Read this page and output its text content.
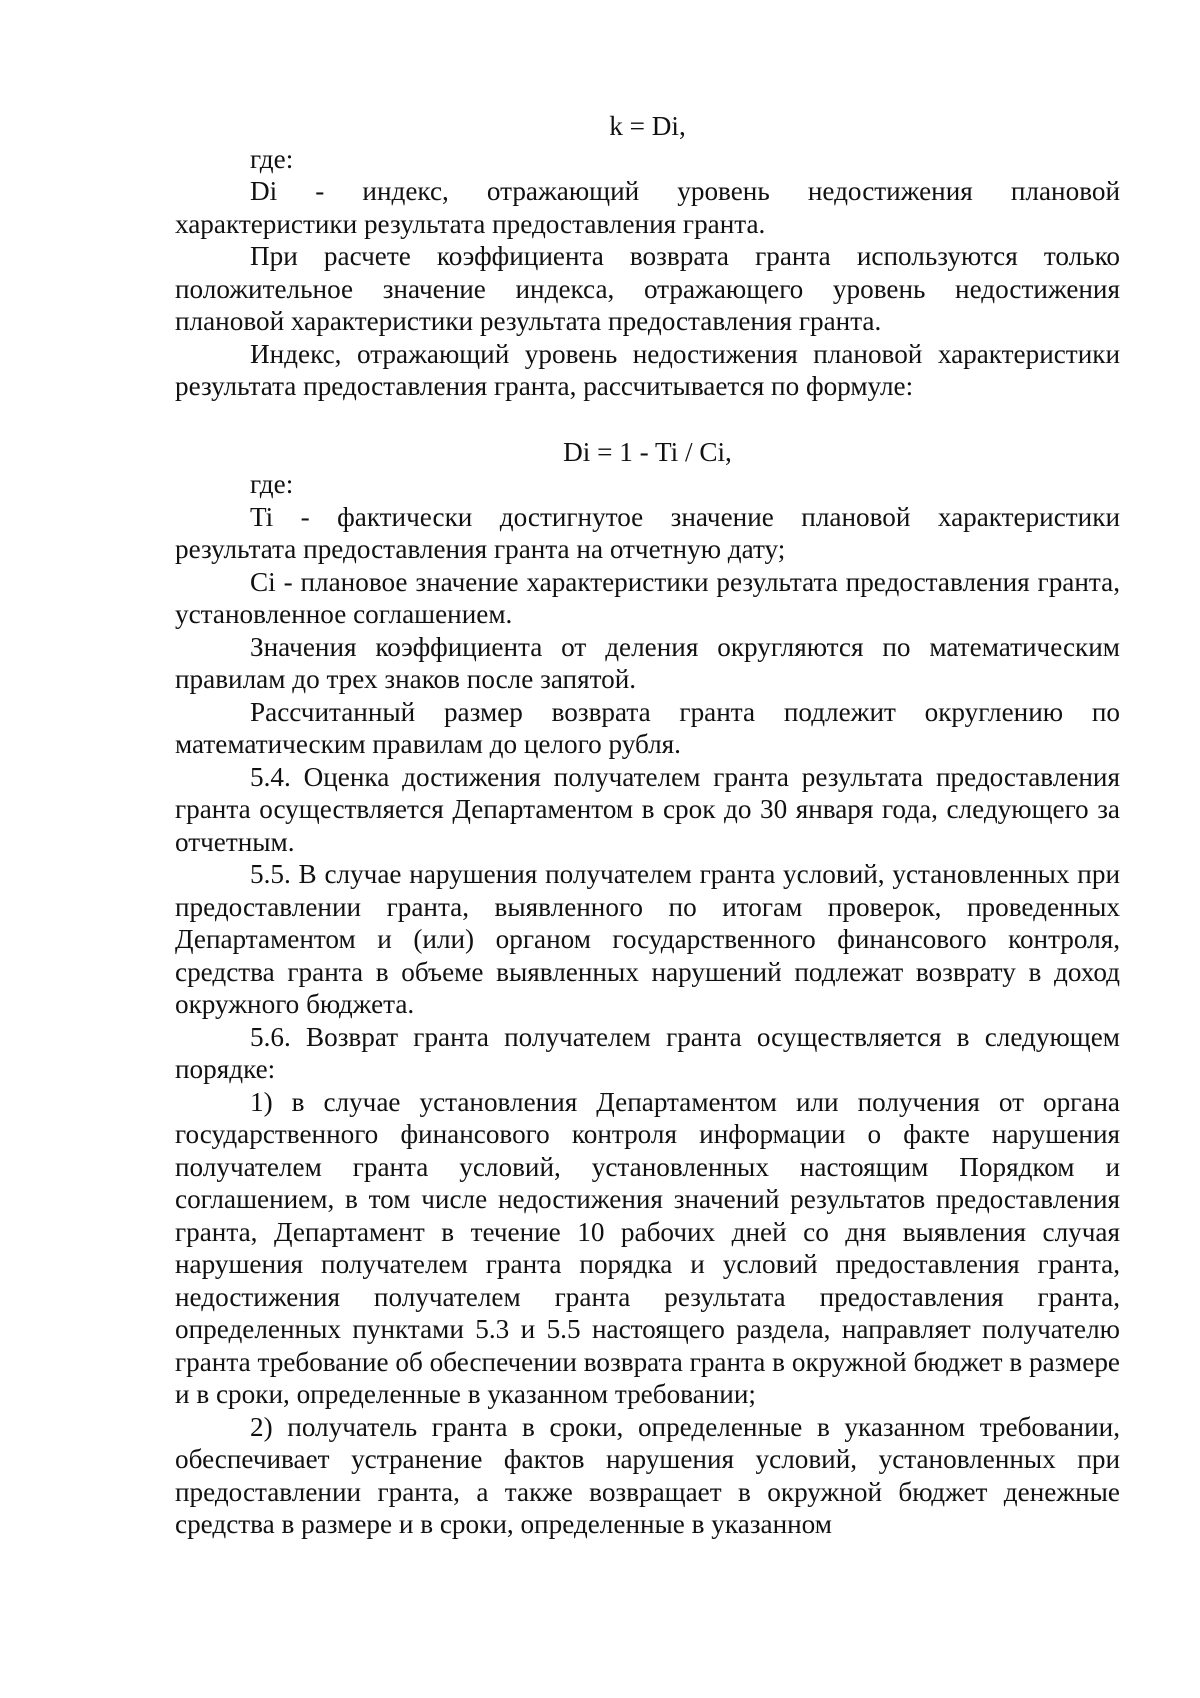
k = Di,

где:

Di - индекс, отражающий уровень недостижения плановой характеристики результата предоставления гранта.

При расчете коэффициента возврата гранта используются только положительное значение индекса, отражающего уровень недостижения плановой характеристики результата предоставления гранта.

Индекс, отражающий уровень недостижения плановой характеристики результата предоставления гранта, рассчитывается по формуле:

Di = 1 - Ti / Ci,

где:

Ti - фактически достигнутое значение плановой характеристики результата предоставления гранта на отчетную дату;

Ci - плановое значение характеристики результата предоставления гранта, установленное соглашением.

Значения коэффициента от деления округляются по математическим правилам до трех знаков после запятой.

Рассчитанный размер возврата гранта подлежит округлению по математическим правилам до целого рубля.

5.4. Оценка достижения получателем гранта результата предоставления гранта осуществляется Департаментом в срок до 30 января года, следующего за отчетным.

5.5. В случае нарушения получателем гранта условий, установленных при предоставлении гранта, выявленного по итогам проверок, проведенных Департаментом и (или) органом государственного финансового контроля, средства гранта в объеме выявленных нарушений подлежат возврату в доход окружного бюджета.

5.6. Возврат гранта получателем гранта осуществляется в следующем порядке:

1) в случае установления Департаментом или получения от органа государственного финансового контроля информации о факте нарушения получателем гранта условий, установленных настоящим Порядком и соглашением, в том числе недостижения значений результатов предоставления гранта, Департамент в течение 10 рабочих дней со дня выявления случая нарушения получателем гранта порядка и условий предоставления гранта, недостижения получателем гранта результата предоставления гранта, определенных пунктами 5.3 и 5.5 настоящего раздела, направляет получателю гранта требование об обеспечении возврата гранта в окружной бюджет в размере и в сроки, определенные в указанном требовании;

2) получатель гранта в сроки, определенные в указанном требовании, обеспечивает устранение фактов нарушения условий, установленных при предоставлении гранта, а также возвращает в окружной бюджет денежные средства в размере и в сроки, определенные в указанном
